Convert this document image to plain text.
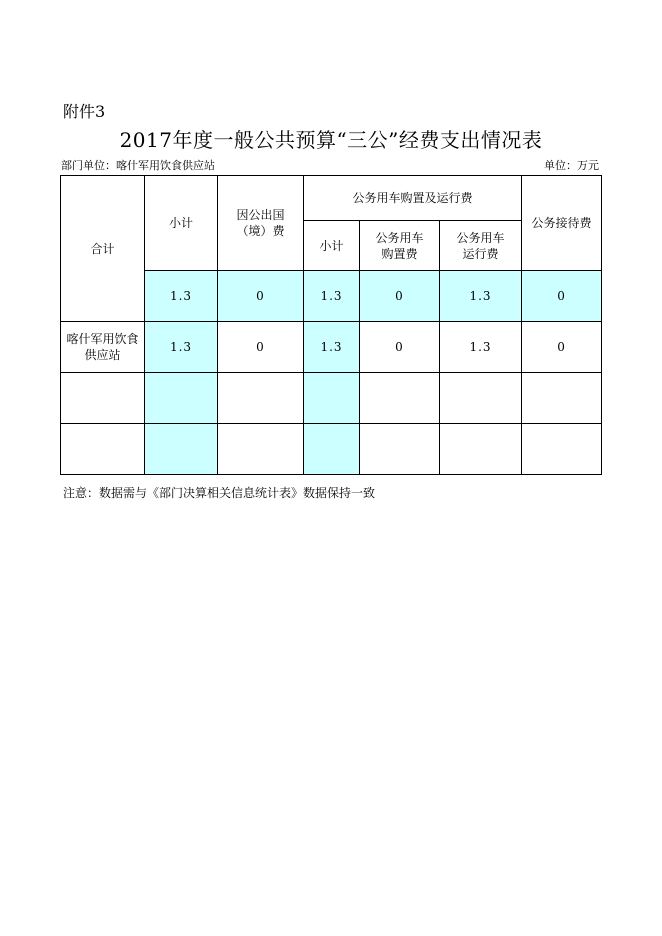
附件3
2017年度一般公共预算“三公”经费支出情况表
部门单位：喀什军用饮食供应站	单位：万元
合计	小计	因公出国（境）费	公务用车购置及运行费			公务接待费
			小计	公务用车购置费	公务用车运行费	

	1.3	0	1.3	0	1.3	0

喀什军用饮食供应站	1.3	0	1.3	0	1.3	0

注意：数据需与《部门决算相关信息统计表》数据保持一致
